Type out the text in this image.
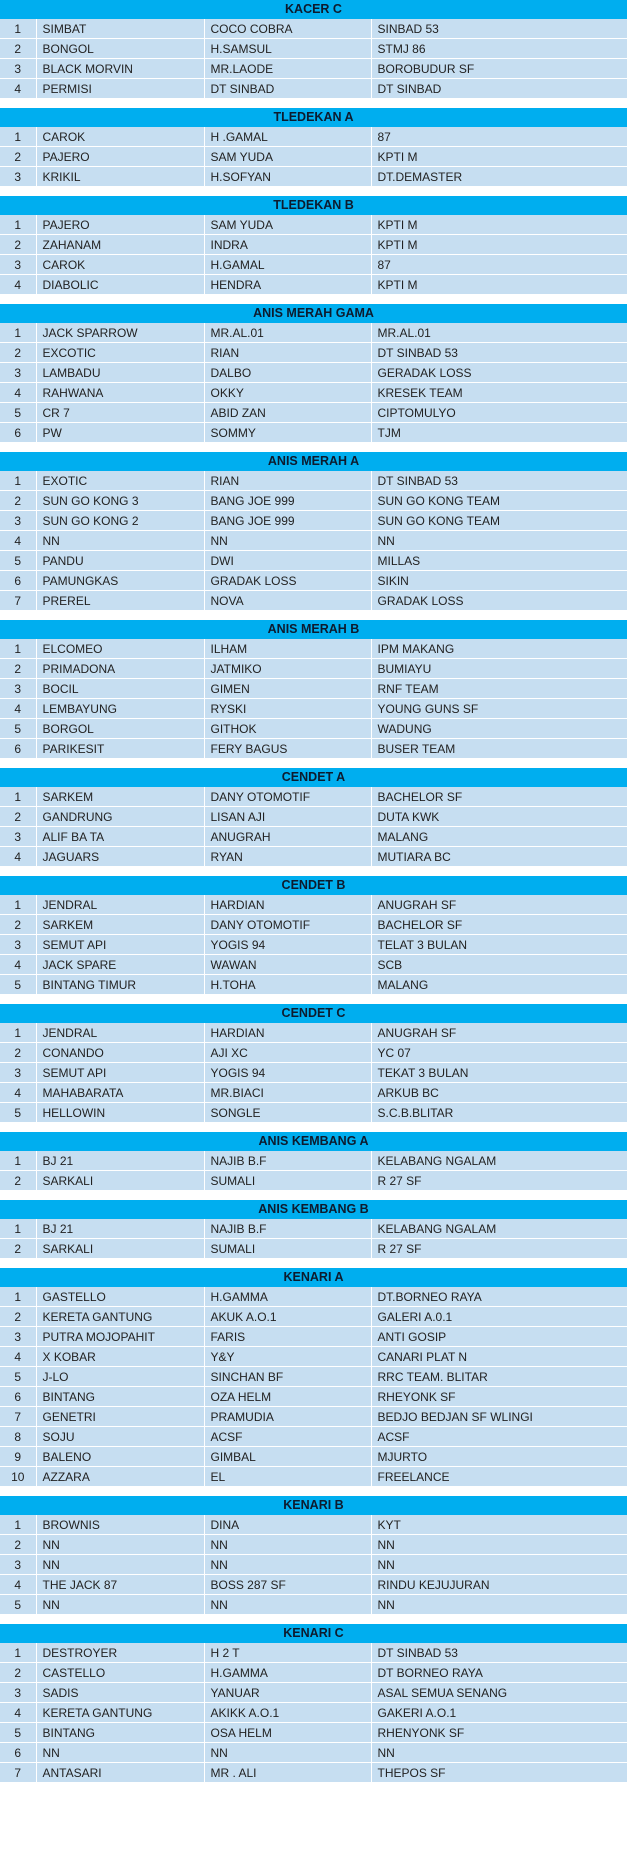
KACER C
1	SIMBAT	COCO COBRA	SINBAD 53
2	BONGOL	H.SAMSUL	STMJ 86
3	BLACK MORVIN	MR.LAODE	BOROBUDUR SF
4	PERMISI	DT SINBAD	DT SINBAD
TLEDEKAN A
1	CAROK	H .GAMAL	87
2	PAJERO	SAM YUDA	KPTI M
3	KRIKIL	H.SOFYAN	DT.DEMASTER
TLEDEKAN B
1	PAJERO	SAM YUDA	KPTI M
2	ZAHANAM	INDRA	KPTI M
3	CAROK	H.GAMAL	87
4	DIABOLIC	HENDRA	KPTI M
ANIS MERAH GAMA
1	JACK SPARROW	MR.AL.01	MR.AL.01
2	EXCOTIC	RIAN	DT SINBAD 53
3	LAMBADU	DALBO	GERADAK LOSS
4	RAHWANA	OKKY	KRESEK TEAM
5	CR 7	ABID ZAN	CIPTOMULYO
6	PW	SOMMY	TJM
ANIS MERAH A
1	EXOTIC	RIAN	DT SINBAD 53
2	SUN GO KONG 3	BANG JOE 999	SUN GO KONG TEAM
3	SUN GO KONG 2	BANG JOE 999	SUN GO KONG TEAM
4	NN	NN	NN
5	PANDU	DWI	MILLAS
6	PAMUNGKAS	GRADAK LOSS	SIKIN
7	PREREL	NOVA	GRADAK LOSS
ANIS MERAH B
1	ELCOMEO	ILHAM	IPM MAKANG
2	PRIMADONA	JATMIKO	BUMIAYU
3	BOCIL	GIMEN	RNF TEAM
4	LEMBAYUNG	RYSKI	YOUNG GUNS SF
5	BORGOL	GITHOK	WADUNG
6	PARIKESIT	FERY BAGUS	BUSER TEAM
CENDET A
1	SARKEM	DANY OTOMOTIF	BACHELOR SF
2	GANDRUNG	LISAN AJI	DUTA KWK
3	ALIF BA TA	ANUGRAH	MALANG
4	JAGUARS	RYAN	MUTIARA BC
CENDET B
1	JENDRAL	HARDIAN	ANUGRAH SF
2	SARKEM	DANY OTOMOTIF	BACHELOR SF
3	SEMUT API	YOGIS 94	TELAT 3 BULAN
4	JACK SPARE	WAWAN	SCB
5	BINTANG TIMUR	H.TOHA	MALANG
CENDET C
1	JENDRAL	HARDIAN	ANUGRAH SF
2	CONANDO	AJI XC	YC 07
3	SEMUT API	YOGIS 94	TEKAT 3 BULAN
4	MAHABARATA	MR.BIACI	ARKUB BC
5	HELLOWIN	SONGLE	S.C.B.BLITAR
ANIS KEMBANG A
1	BJ 21	NAJIB B.F	KELABANG NGALAM
2	SARKALI	SUMALI	R 27 SF
ANIS KEMBANG B
1	BJ 21	NAJIB B.F	KELABANG NGALAM
2	SARKALI	SUMALI	R 27 SF
KENARI A
1	GASTELLO	H.GAMMA	DT.BORNEO RAYA
2	KERETA GANTUNG	AKUK A.O.1	GALERI A.0.1
3	PUTRA MOJOPAHIT	FARIS	ANTI GOSIP
4	X KOBAR	Y&Y	CANARI PLAT N
5	J-LO	SINCHAN BF	RRC TEAM. BLITAR
6	BINTANG	OZA HELM	RHEYONK SF
7	GENETRI	PRAMUDIA	BEDJO BEDJAN SF WLINGI
8	SOJU	ACSF	ACSF
9	BALENO	GIMBAL	MJURTO
10	AZZARA	EL	FREELANCE
KENARI B
1	BROWNIS	DINA	KYT
2	NN	NN	NN
3	NN	NN	NN
4	THE JACK 87	BOSS 287 SF	RINDU KEJUJURAN
5	NN	NN	NN
KENARI C
1	DESTROYER	H 2 T	DT SINBAD 53
2	CASTELLO	H.GAMMA	DT BORNEO RAYA
3	SADIS	YANUAR	ASAL SEMUA SENANG
4	KERETA GANTUNG	AKIKK A.O.1	GAKERI A.O.1
5	BINTANG	OSA HELM	RHENYONK SF
6	NN	NN	NN
7	ANTASARI	MR . ALI	THEPOS SF
